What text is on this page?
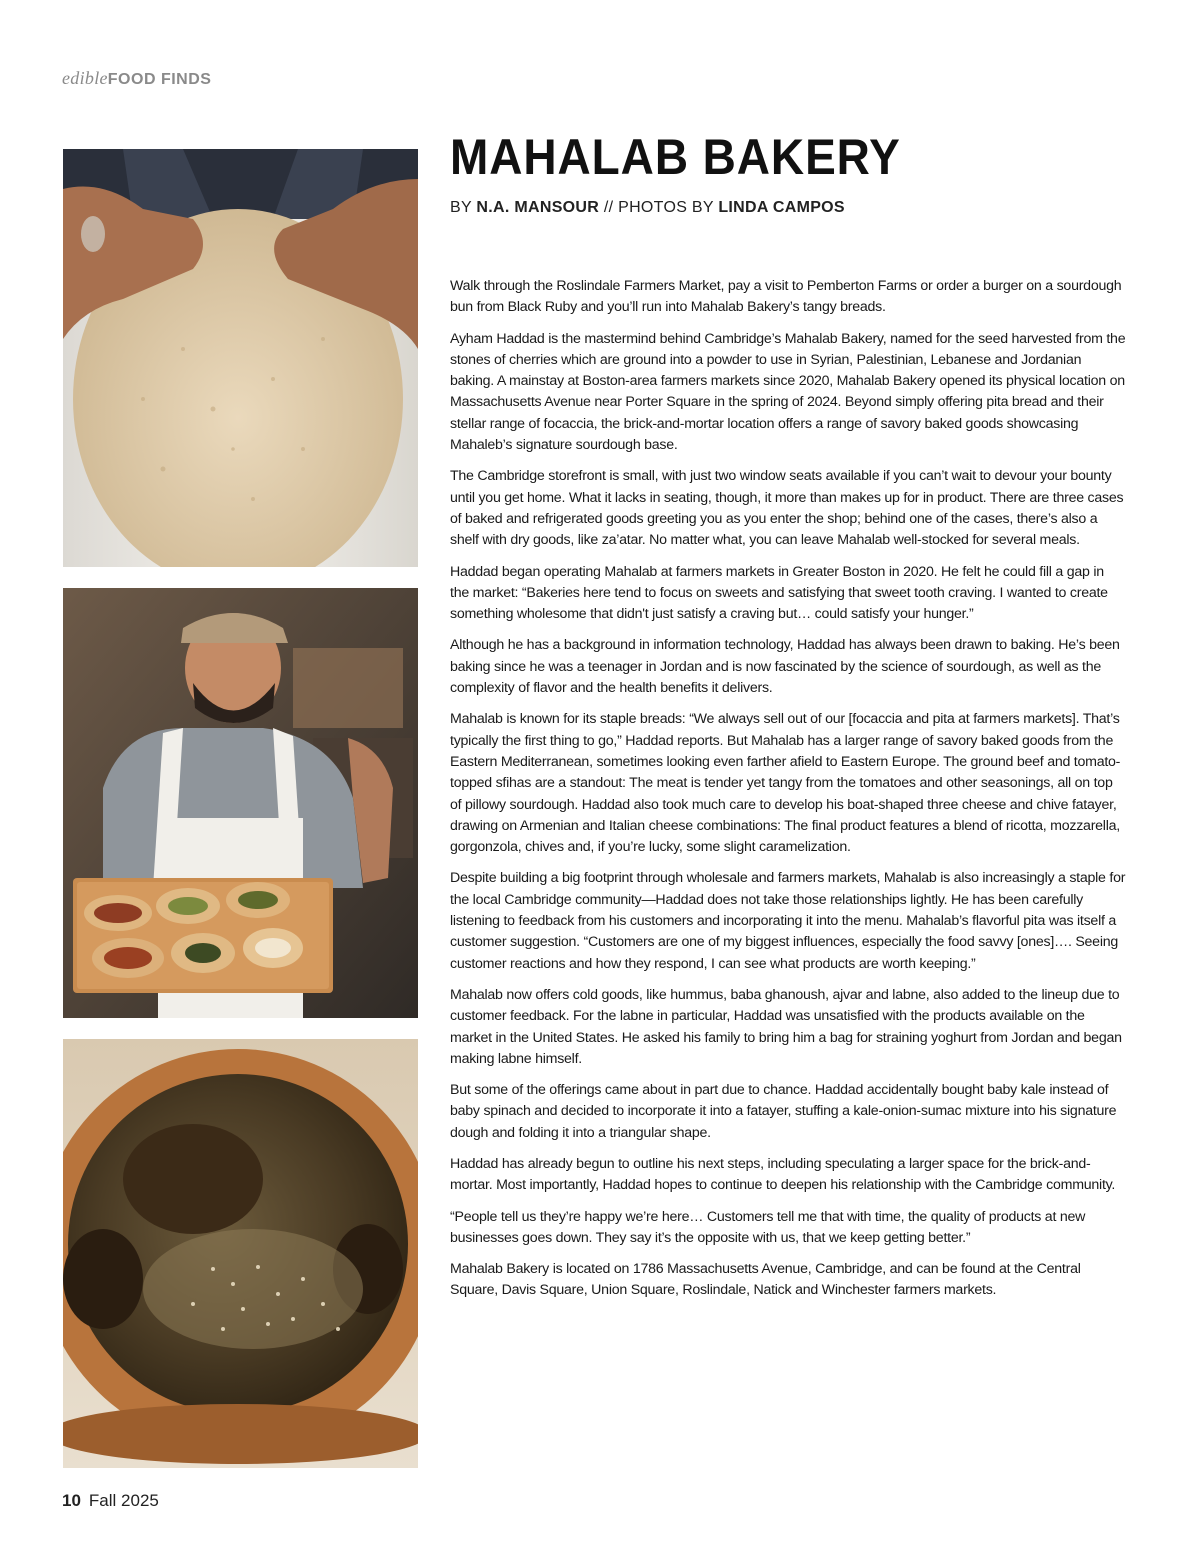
edibleFOOD FINDS
MAHALAB BAKERY
BY N.A. MANSOUR // PHOTOS BY LINDA CAMPOS

Walk through the Roslindale Farmers Market, pay a visit to Pemberton Farms or order a burger on a sourdough bun from Black Ruby and you’ll run into Mahalab Bakery’s tangy breads.

Ayham Haddad is the mastermind behind Cambridge’s Mahalab Bakery, named for the seed harvested from the stones of cherries which are ground into a powder to use in Syrian, Palestinian, Lebanese and Jordanian baking. A mainstay at Boston-area farmers markets since 2020, Mahalab Bakery opened its physical location on Massachusetts Avenue near Porter Square in the spring of 2024. Beyond simply offering pita bread and their stellar range of focaccia, the brick-and-mortar location offers a range of savory baked goods showcasing Mahaleb’s signature sourdough base.

The Cambridge storefront is small, with just two window seats available if you can’t wait to devour your bounty until you get home. What it lacks in seating, though, it more than makes up for in product. There are three cases of baked and refrigerated goods greeting you as you enter the shop; behind one of the cases, there’s also a shelf with dry goods, like za’atar. No matter what, you can leave Mahalab well-stocked for several meals.

Haddad began operating Mahalab at farmers markets in Greater Boston in 2020. He felt he could fill a gap in the market: “Bakeries here tend to focus on sweets and satisfying that sweet tooth craving. I wanted to create something wholesome that didn't just satisfy a craving but… could satisfy your hunger.”

Although he has a background in information technology, Haddad has always been drawn to baking. He’s been baking since he was a teenager in Jordan and is now fascinated by the science of sourdough, as well as the complexity of flavor and the health benefits it delivers.

Mahalab is known for its staple breads: “We always sell out of our [focaccia and pita at farmers markets]. That’s typically the first thing to go,” Haddad reports. But Mahalab has a larger range of savory baked goods from the Eastern Mediterranean, sometimes looking even farther afield to Eastern Europe. The ground beef and tomato-topped sfihas are a standout: The meat is tender yet tangy from the tomatoes and other seasonings, all on top of pillowy sourdough. Haddad also took much care to develop his boat-shaped three cheese and chive fatayer, drawing on Armenian and Italian cheese combinations: The final product features a blend of ricotta, mozzarella, gorgonzola, chives and, if you’re lucky, some slight caramelization.

Despite building a big footprint through wholesale and farmers markets, Mahalab is also increasingly a staple for the local Cambridge community—Haddad does not take those relationships lightly. He has been carefully listening to feedback from his customers and incorporating it into the menu. Mahalab’s flavorful pita was itself a customer suggestion. “Customers are one of my biggest influences, especially the food savvy [ones]…. Seeing customer reactions and how they respond, I can see what products are worth keeping.”

Mahalab now offers cold goods, like hummus, baba ghanoush, ajvar and labne, also added to the lineup due to customer feedback. For the labne in particular, Haddad was unsatisfied with the products available on the market in the United States. He asked his family to bring him a bag for straining yoghurt from Jordan and began making labne himself.

But some of the offerings came about in part due to chance. Haddad accidentally bought baby kale instead of baby spinach and decided to incorporate it into a fatayer, stuffing a kale-onion-sumac mixture into his signature dough and folding it into a triangular shape.

Haddad has already begun to outline his next steps, including speculating a larger space for the brick-and-mortar. Most importantly, Haddad hopes to continue to deepen his relationship with the Cambridge community.

“People tell us they’re happy we’re here… Customers tell me that with time, the quality of products at new businesses goes down. They say it’s the opposite with us, that we keep getting better.”

Mahalab Bakery is located on 1786 Massachusetts Avenue, Cambridge, and can be found at the Central Square, Davis Square, Union Square, Roslindale, Natick and Winchester farmers markets.

10 Fall 2025
